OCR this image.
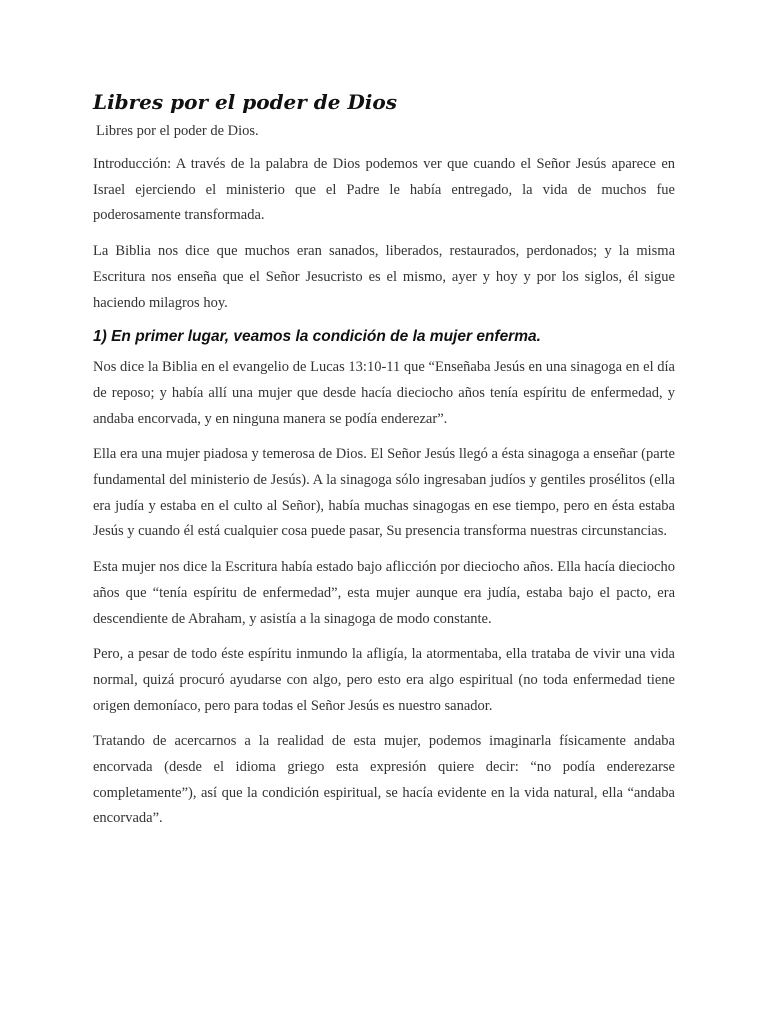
Libres por el poder de Dios
Libres por el poder de Dios.

Introducción: A través de la palabra de Dios podemos ver que cuando el Señor Jesús aparece en Israel ejerciendo el ministerio que el Padre le había entregado, la vida de muchos fue poderosamente transformada.

La Biblia nos dice que muchos eran sanados, liberados, restaurados, perdonados; y la misma Escritura nos enseña que el Señor Jesucristo es el mismo, ayer y hoy y por los siglos, él sigue haciendo milagros hoy.

1) En primer lugar, veamos la condición de la mujer enferma.

Nos dice la Biblia en el evangelio de Lucas 13:10-11 que “Enseñaba Jesús en una sinagoga en el día de reposo; y había allí una mujer que desde hacía dieciocho años tenía espíritu de enfermedad, y andaba encorvada, y en ninguna manera se podía enderezar”.

Ella era una mujer piadosa y temerosa de Dios. El Señor Jesús llegó a ésta sinagoga a enseñar (parte fundamental del ministerio de Jesús). A la sinagoga sólo ingresaban judíos y gentiles prosélitos (ella era judía y estaba en el culto al Señor), había muchas sinagogas en ese tiempo, pero en ésta estaba Jesús y cuando él está cualquier cosa puede pasar, Su presencia transforma nuestras circunstancias.

Esta mujer nos dice la Escritura había estado bajo aflicción por dieciocho años. Ella hacía dieciocho años que “tenía espíritu de enfermedad”, esta mujer aunque era judía, estaba bajo el pacto, era descendiente de Abraham, y asistía a la sinagoga de modo constante.

Pero, a pesar de todo éste espíritu inmundo la afligía, la atormentaba, ella trataba de vivir una vida normal, quizá procuró ayudarse con algo, pero esto era algo espiritual (no toda enfermedad tiene origen demoníaco, pero para todas el Señor Jesús es nuestro sanador.

Tratando de acercarnos a la realidad de esta mujer, podemos imaginarla físicamente andaba encorvada (desde el idioma griego esta expresión quiere decir: “no podía enderezarse completamente”), así que la condición espiritual, se hacía evidente en la vida natural, ella “andaba encorvada”.
